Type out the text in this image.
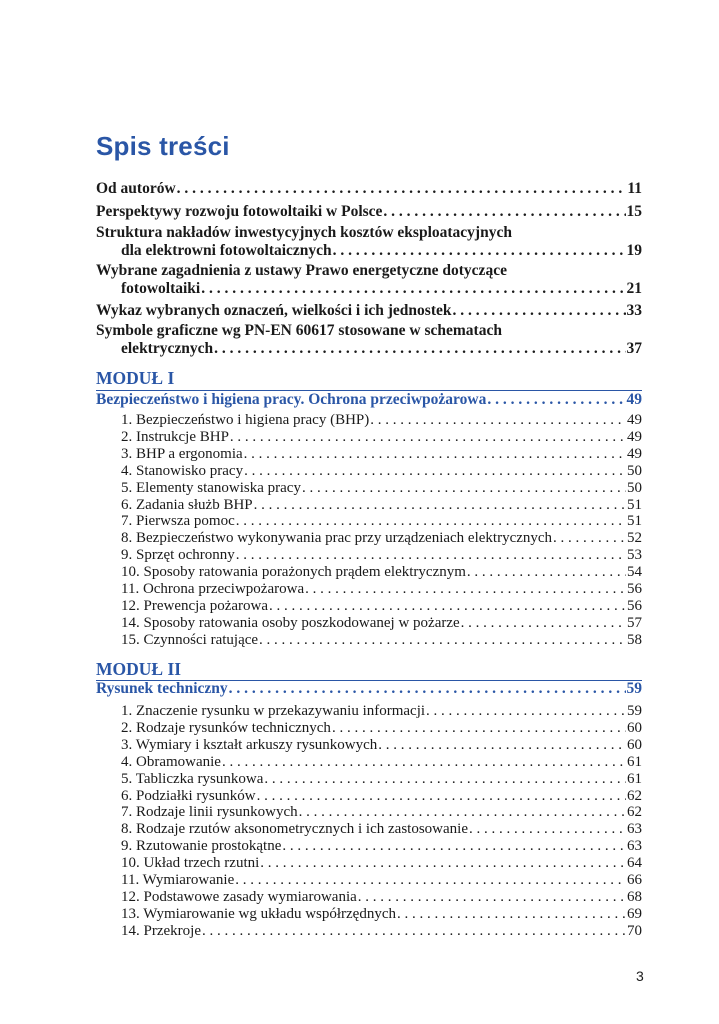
Spis treści
Od autorów . . .	11
Perspektywy rozwoju fotowoltaiki w Polsce . . .	15
Struktura nakładów inwestycyjnych kosztów eksploatacyjnych
dla elektrowni fotowoltaicznych . . .	19
Wybrane zagadnienia z ustawy Prawo energetyczne dotyczące
fotowoltaiki . . .	21
Wykaz wybranych oznaczeń, wielkości i ich jednostek . . .	33
Symbole graficzne wg PN-EN 60617 stosowane w schematach
elektrycznych . . .	37
MODUŁ I
Bezpieczeństwo i higiena pracy. Ochrona przeciwpożarowa . . .	49
1. Bezpieczeństwo i higiena pracy (BHP) . . .	49
2. Instrukcje BHP . . .	49
3. BHP a ergonomia . . .	49
4. Stanowisko pracy . . .	50
5. Elementy stanowiska pracy . . .	50
6. Zadania służb BHP . . .	51
7. Pierwsza pomoc . . .	51
8. Bezpieczeństwo wykonywania prac przy urządzeniach elektrycznych . . .	52
9. Sprzęt ochronny . . .	53
10. Sposoby ratowania porażonych prądem elektrycznym . . .	54
11. Ochrona przeciwpożarowa . . .	56
12. Prewencja pożarowa . . .	56
14. Sposoby ratowania osoby poszkodowanej w pożarze . . .	57
15. Czynności ratujące . . .	58
MODUŁ II
Rysunek techniczny . . .	59
1. Znaczenie rysunku w przekazywaniu informacji . . .	59
2. Rodzaje rysunków technicznych . . .	60
3. Wymiary i kształt arkuszy rysunkowych . . .	60
4. Obramowanie . . .	61
5. Tabliczka rysunkowa . . .	61
6. Podziałki rysunków . . .	62
7. Rodzaje linii rysunkowych . . .	62
8. Rodzaje rzutów aksonometrycznych i ich zastosowanie . . .	63
9. Rzutowanie prostokątne . . .	63
10. Układ trzech rzutni . . .	64
11. Wymiarowanie . . .	66
12. Podstawowe zasady wymiarowania . . .	68
13. Wymiarowanie wg układu współrzędnych . . .	69
14. Przekroje . . .	70
3
